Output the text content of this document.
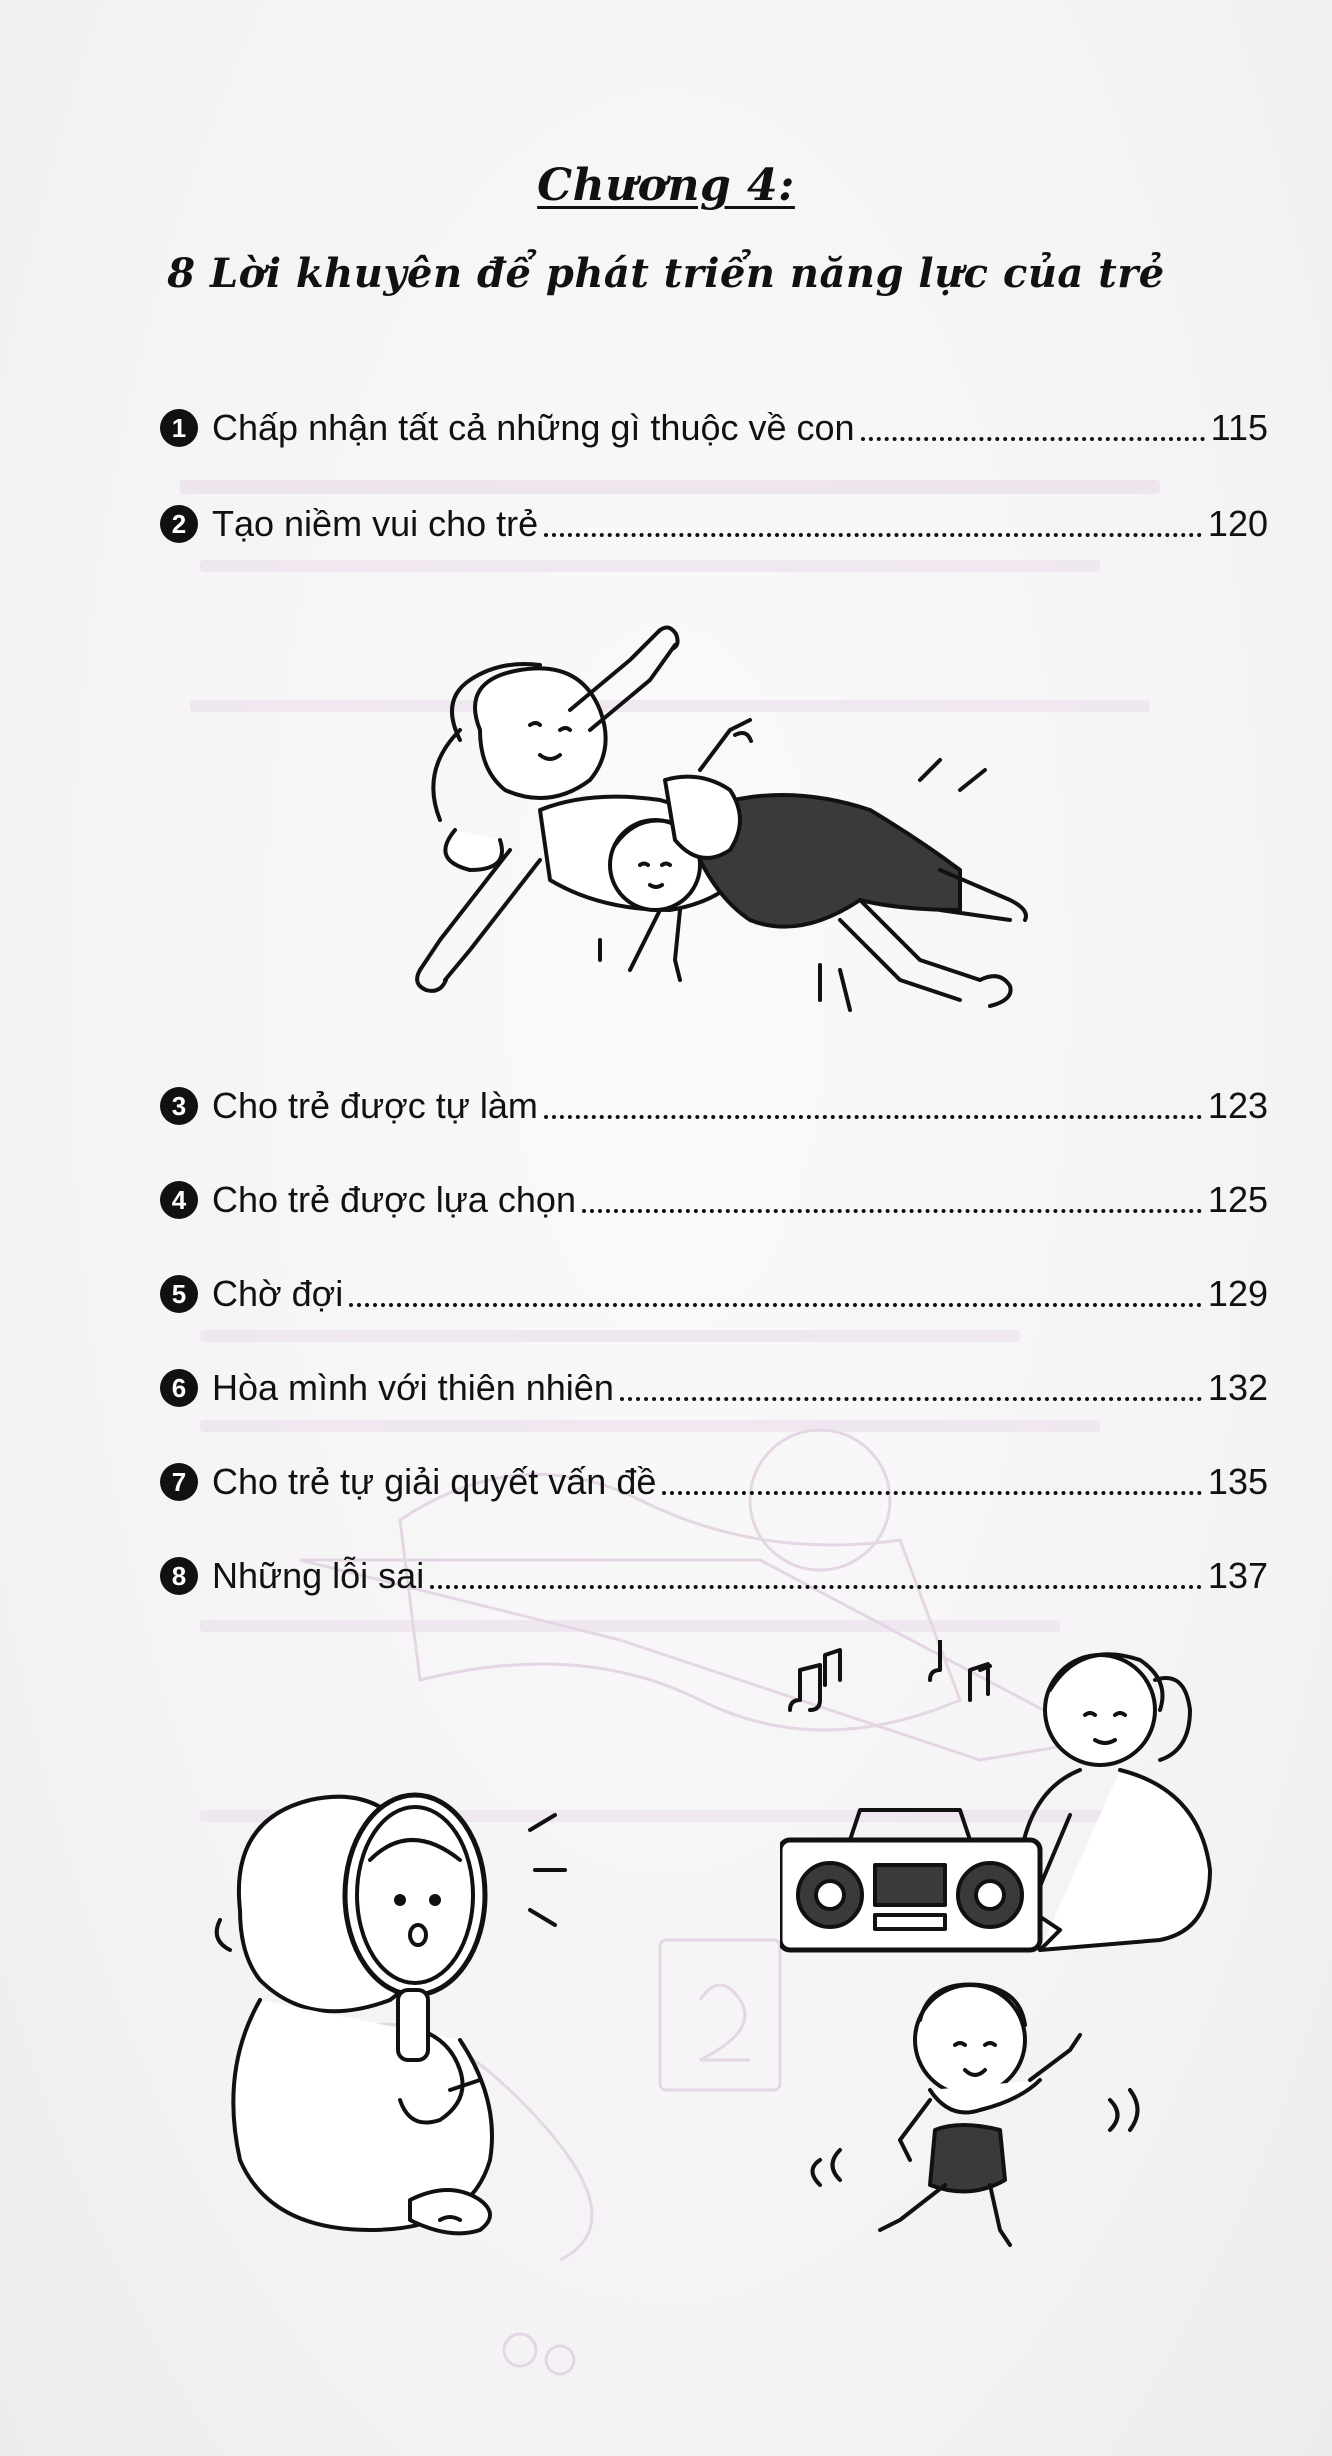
Chương 4:
8 Lời khuyên để phát triển năng lực của trẻ
1 Chấp nhận tất cả những gì thuộc về con	115
2 Tạo niềm vui cho trẻ	120
3 Cho trẻ được tự làm	123
4 Cho trẻ được lựa chọn	125
5 Chờ đợi	129
6 Hòa mình với thiên nhiên	132
7 Cho trẻ tự giải quyết vấn đề	135
8 Những lỗi sai	137
